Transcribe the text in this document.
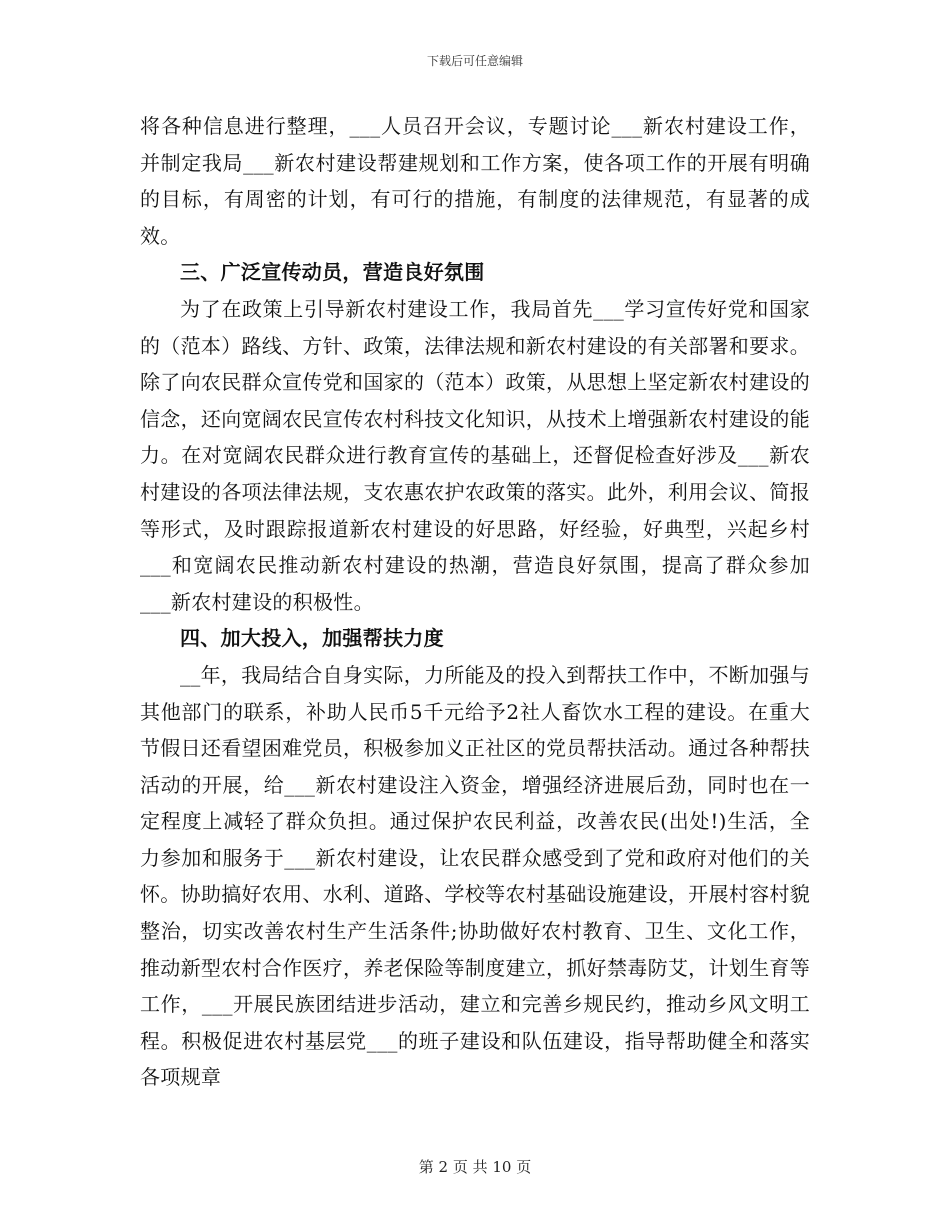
下载后可任意编辑

将各种信息进行整理，___人员召开会议，专题讨论___新农村建设工作，并制定我局___新农村建设帮建规划和工作方案，使各项工作的开展有明确的目标，有周密的计划，有可行的措施，有制度的法律规范，有显著的成效。

三、广泛宣传动员，营造良好氛围

为了在政策上引导新农村建设工作，我局首先___学习宣传好党和国家的（范本）路线、方针、政策，法律法规和新农村建设的有关部署和要求。除了向农民群众宣传党和国家的（范本）政策，从思想上坚定新农村建设的信念，还向宽阔农民宣传农村科技文化知识，从技术上增强新农村建设的能力。在对宽阔农民群众进行教育宣传的基础上，还督促检查好涉及___新农村建设的各项法律法规，支农惠农护农政策的落实。此外，利用会议、简报等形式，及时跟踪报道新农村建设的好思路，好经验，好典型，兴起乡村___和宽阔农民推动新农村建设的热潮，营造良好氛围，提高了群众参加___新农村建设的积极性。

四、加大投入，加强帮扶力度

__年，我局结合自身实际，力所能及的投入到帮扶工作中，不断加强与其他部门的联系，补助人民币5千元给予2社人畜饮水工程的建设。在重大节假日还看望困难党员，积极参加义正社区的党员帮扶活动。通过各种帮扶活动的开展，给___新农村建设注入资金，增强经济进展后劲，同时也在一定程度上减轻了群众负担。通过保护农民利益，改善农民(出处!)生活，全力参加和服务于___新农村建设，让农民群众感受到了党和政府对他们的关怀。协助搞好农用、水利、道路、学校等农村基础设施建设，开展村容村貌整治，切实改善农村生产生活条件;协助做好农村教育、卫生、文化工作，推动新型农村合作医疗，养老保险等制度建立，抓好禁毒防艾，计划生育等工作，___开展民族团结进步活动，建立和完善乡规民约，推动乡风文明工程。积极促进农村基层党___的班子建设和队伍建设，指导帮助健全和落实各项规章

第 2 页 共 10 页
